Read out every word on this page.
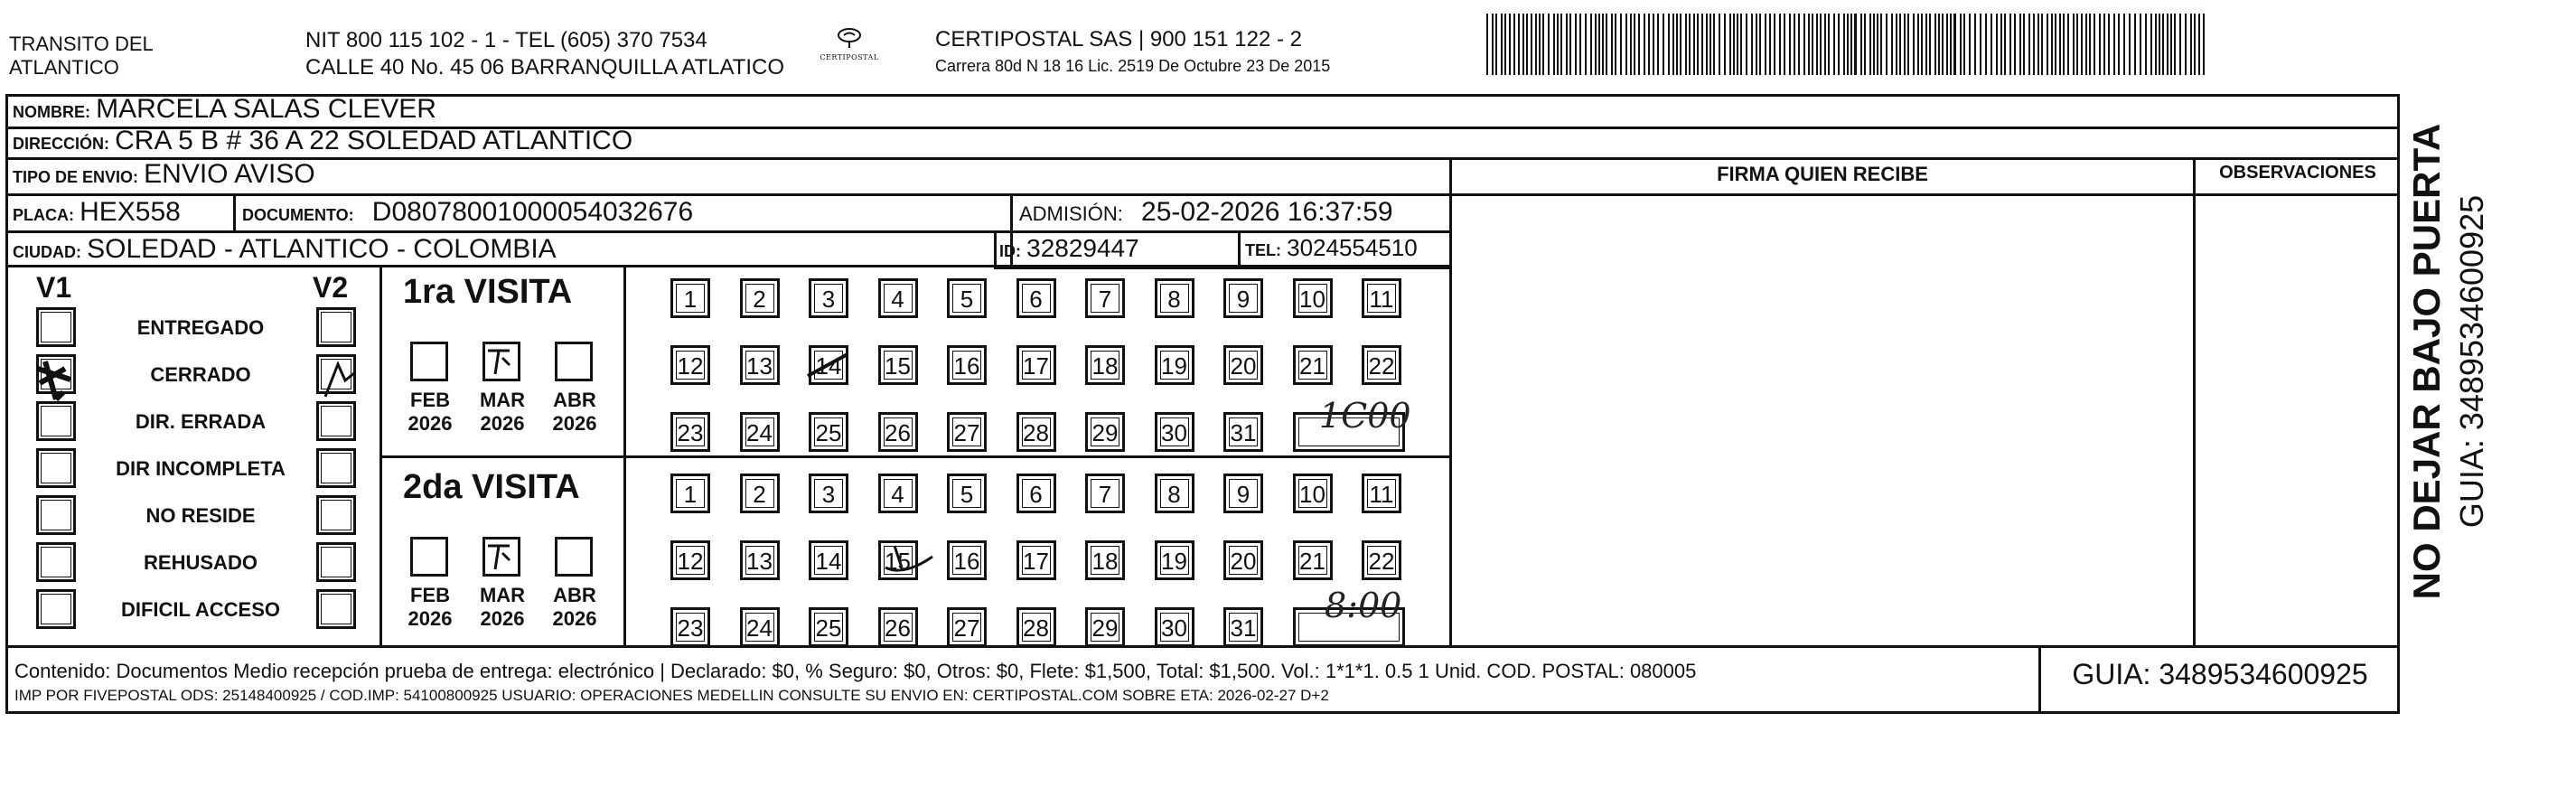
TRANSITO DEL
ATLANTICO
NIT 800 115 102 - 1 - TEL (605) 370 7534
CALLE 40 No. 45 06 BARRANQUILLA ATLATICO	CERTIPOSTAL
CERTIPOSTAL SAS | 900 151 122 - 2
Carrera 80d N 18 16 Lic. 2519 De Octubre 23 De 2015
NOMBRE: MARCELA SALAS CLEVER
DIRECCIÓN: CRA 5 B # 36 A 22 SOLEDAD ATLANTICO
TIPO DE ENVIO: ENVIO AVISO
PLACA: HEX558	DOCUMENTO: D08078001000054032676	ADMISIÓN: 25-02-2026 16:37:59
CIUDAD: SOLEDAD - ATLANTICO - COLOMBIA	ID: 32829447	TEL: 3024554510
FIRMA QUIEN RECIBE	OBSERVACIONES
V1	V2
ENTREGADO
CERRADO
DIR. ERRADA
DIR INCOMPLETA
NO RESIDE
REHUSADO
DIFICIL ACCESO
1ra VISITA
2da VISITA
FEB
2026
MAR
2026
ABR
2026
FEB
2026
MAR
2026
ABR
2026
1	2	3	4	5	6	7	8	9	10	11
12 13 14 15 16 17 18 19 20 21 22
23 24 25 26 27 28 29 30 31
1	2	3	4	5	6	7	8	9	10	11
12 13 14 15 16 17 18 19 20 21 22
23 24 25 26 27 28 29 30 31
1C00
8:00
Contenido: Documentos Medio recepción prueba de entrega: electrónico | Declarado: $0, % Seguro: $0, Otros: $0, Flete: $1,500, Total: $1,500. Vol.: 1*1*1. 0.5 1 Unid. COD. POSTAL: 080005
IMP POR FIVEPOSTAL ODS: 25148400925 / COD.IMP: 54100800925 USUARIO: OPERACIONES MEDELLIN CONSULTE SU ENVIO EN: CERTIPOSTAL.COM SOBRE ETA: 2026-02-27 D+2
GUIA: 3489534600925
NO DEJAR BAJO PUERTA GUIA: 3489534600925
